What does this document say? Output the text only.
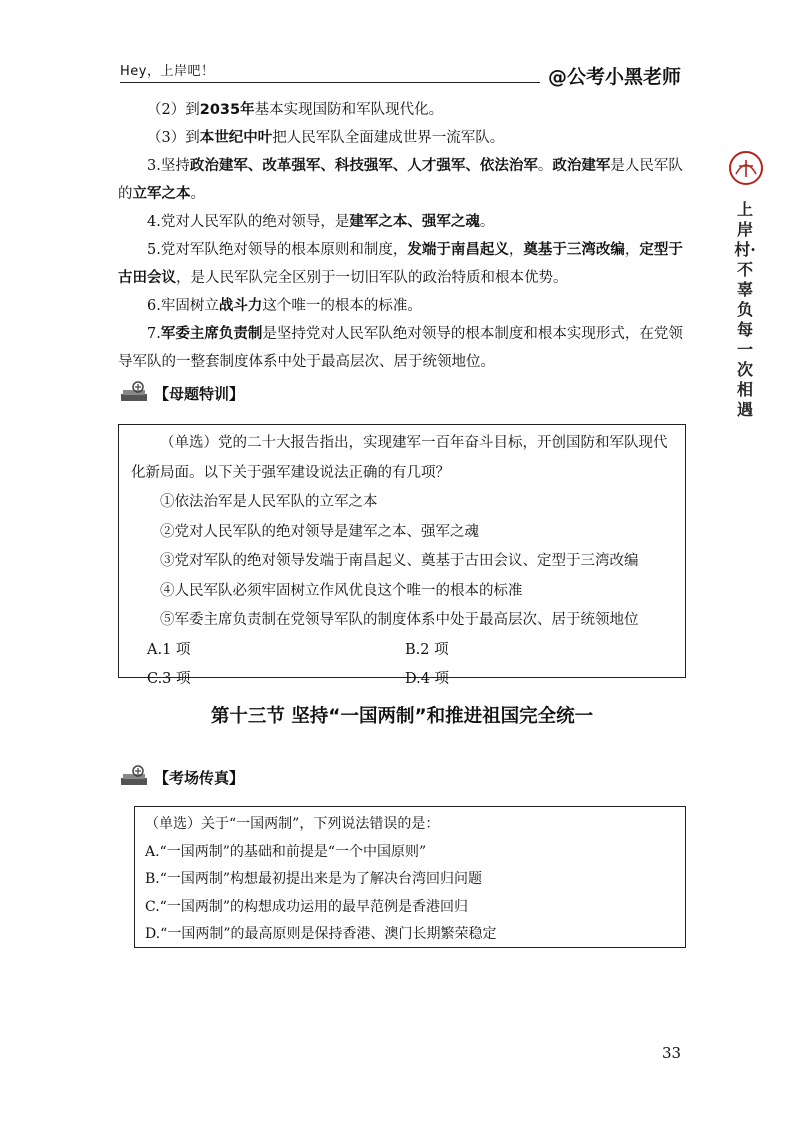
Hey，上岸吧！	@公考小黑老师
上岸村·不辜负每一次相遇

（2）到2035年基本实现国防和军队现代化。

（3）到本世纪中叶把人民军队全面建成世界一流军队。

3.坚持政治建军、改革强军、科技强军、人才强军、依法治军。政治建军是人民军队的立军之本。

4.党对人民军队的绝对领导，是建军之本、强军之魂。

5.党对军队绝对领导的根本原则和制度，发端于南昌起义，奠基于三湾改编，定型于古田会议，是人民军队完全区别于一切旧军队的政治特质和根本优势。

6.牢固树立战斗力这个唯一的根本的标准。

7.军委主席负责制是坚持党对人民军队绝对领导的根本制度和根本实现形式，在党领导军队的一整套制度体系中处于最高层次、居于统领地位。

【母题特训】

（单选）党的二十大报告指出，实现建军一百年奋斗目标，开创国防和军队现代化新局面。以下关于强军建设说法正确的有几项？

①依法治军是人民军队的立军之本

②党对人民军队的绝对领导是建军之本、强军之魂

③党对军队的绝对领导发端于南昌起义、奠基于古田会议、定型于三湾改编

④人民军队必须牢固树立作风优良这个唯一的根本的标准

⑤军委主席负责制在党领导军队的制度体系中处于最高层次、居于统领地位

A.1 项	B.2 项
C.3 项	D.4 项
第十三节 坚持“一国两制”和推进祖国完全统一
【考场传真】

（单选）关于“一国两制”，下列说法错误的是：

A.“一国两制”的基础和前提是“一个中国原则”

B.“一国两制”构想最初提出来是为了解决台湾回归问题

C.“一国两制”的构想成功运用的最早范例是香港回归

D.“一国两制”的最高原则是保持香港、澳门长期繁荣稳定

33
